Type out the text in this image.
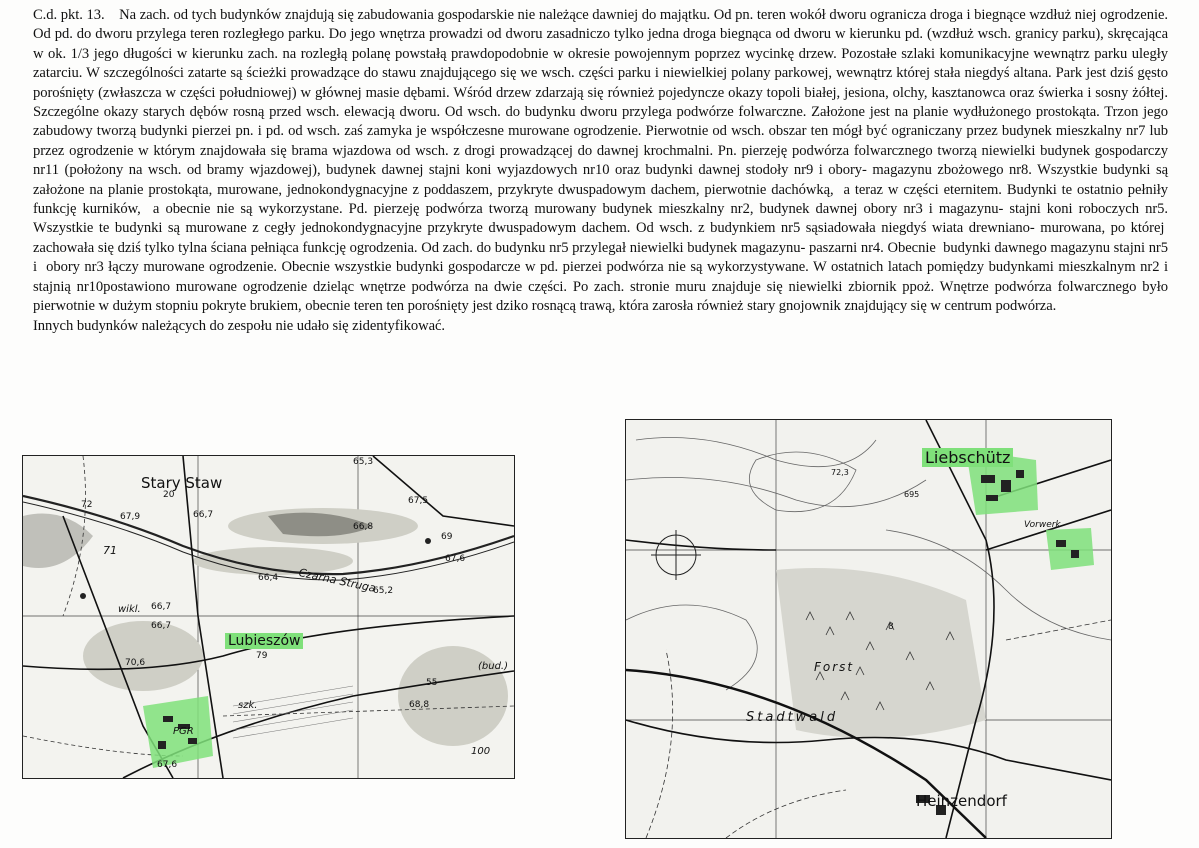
C.d. pkt. 13.    Na zach. od tych budynków znajdują się zabudowania gospodarskie nie należące dawniej do majątku. Od pn. teren wokół dworu ogranicza droga i biegnące wzdłuż niej ogrodzenie. Od pd. do dworu przylega teren rozległego parku. Do jego wnętrza prowadzi od dworu zasadniczo tylko jedna droga biegnąca od dworu w kierunku pd. (wzdłuż wsch. granicy parku), skręcająca w ok. 1/3 jego długości w kierunku zach. na rozległą polanę powstałą prawdopodobnie w okresie powojennym poprzez wycinkę drzew. Pozostałe szlaki komunikacyjne wewnątrz parku uległy zatarciu. W szczególności zatarte są ścieżki prowadzące do stawu znajdującego się we wsch. części parku i niewielkiej polany parkowej, wewnątrz której stała niegdyś altana. Park jest dziś gęsto porośnięty (zwłaszcza w części południowej) w głównej masie dębami. Wśród drzew zdarzają się również pojedyncze okazy topoli białej, jesiona, olchy, kasztanowca oraz świerka i sosny żółtej. Szczególne okazy starych dębów rosną przed wsch. elewacją dworu. Od wsch. do budynku dworu przylega podwórze folwarczne. Założone jest na planie wydłużonego prostokąta. Trzon jego zabudowy tworzą budynki pierzei pn. i pd. od wsch. zaś zamyka je współczesne murowane ogrodzenie. Pierwotnie od wsch. obszar ten mógł być ograniczany przez budynek mieszkalny nr7 lub przez ogrodzenie w którym znajdowała się brama wjazdowa od wsch. z drogi prowadzącej do dawnej krochmalni. Pn. pierzeję podwórza folwarcznego tworzą niewielki budynek gospodarczy nr11 (położony na wsch. od bramy wjazdowej), budynek dawnej stajni koni wyjazdowych nr10 oraz budynki dawnej stodoły nr9 i obory- magazynu zbożowego nr8. Wszystkie budynki są założone na planie prostokąta, murowane, jednokondygnacyjne z poddaszem, przykryte dwuspadowym dachem, pierwotnie dachówką,  a teraz w części eternitem. Budynki te ostatnio pełniły funkcję kurników,  a obecnie nie są wykorzystane. Pd. pierzeję podwórza tworzą murowany budynek mieszkalny nr2, budynek dawnej obory nr3 i magazynu- stajni koni roboczych nr5. Wszystkie te budynki są murowane z cegły jednokondygnacyjne przykryte dwuspadowym dachem. Od wsch. z budynkiem nr5 sąsiadowała niegdyś wiata drewniano- murowana, po której  zachowała się dziś tylko tylna ściana pełniąca funkcję ogrodzenia. Od zach. do budynku nr5 przylegał niewielki budynek magazynu- paszarni nr4. Obecnie  budynki dawnego magazynu stajni nr5 i  obory nr3 łączy murowane ogrodzenie. Obecnie wszystkie budynki gospodarcze w pd. pierzei podwórza nie są wykorzystywane. W ostatnich latach pomiędzy budynkami mieszkalnym nr2 i stajnią nr10postawiono murowane ogrodzenie dzieląc wnętrze podwórza na dwie części. Po zach. stronie muru znajduje się niewielki zbiornik ppoż. Wnętrze podwórza folwarcznego było pierwotnie w dużym stopniu pokryte brukiem, obecnie teren ten porośnięty jest dziko rosnącą trawą, która zarosła również stary gnojownik znajdujący się w centrum podwórza.

Innych budynków należących do zespołu nie udało się zidentyfikować.

Stary Staw
Lubieszów
Czarna Struga
PGR
wikl.
szk.
(bud.)
65,3
67,9
20
72
66,7
67,5
66,8
69
67,6
71
66,4
65,2
66,7
66,7
70,6
79
68,8
55
67,6
100
Liebschütz
Heinzendorf
Stadtwald
Forst
Vorwerk
72,3
695
8
